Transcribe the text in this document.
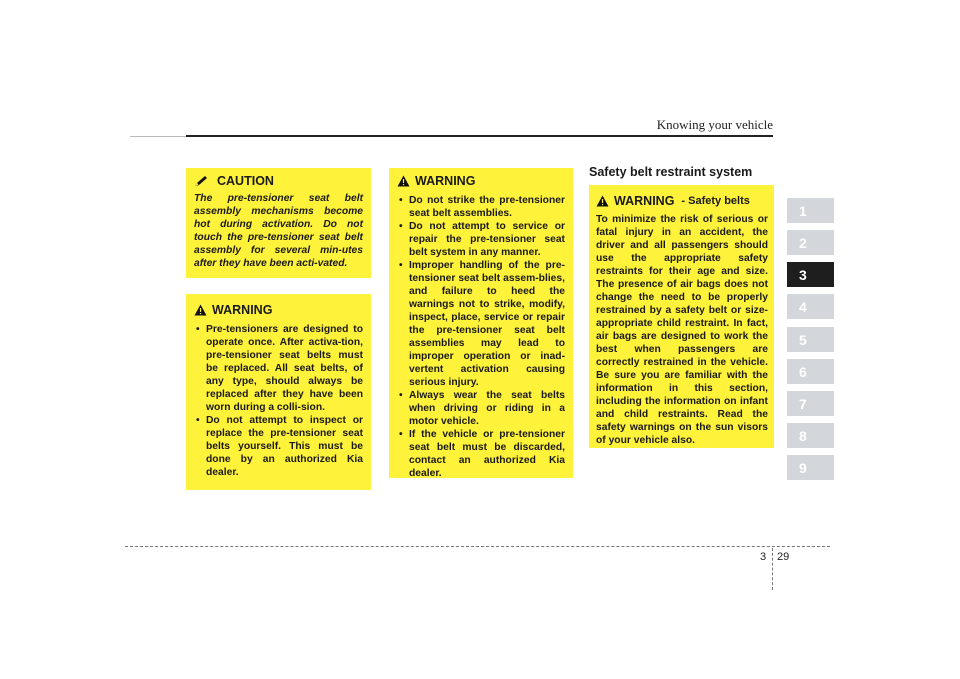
Knowing your vehicle
CAUTION
The pre-tensioner seat belt assembly mechanisms become hot during activation. Do not touch the pre-tensioner seat belt assembly for several min-utes after they have been acti-vated.
WARNING
• Pre-tensioners are designed to operate once. After activa-tion, pre-tensioner seat belts must be replaced. All seat belts, of any type, should always be replaced after they have been worn during a colli-sion.
• Do not attempt to inspect or replace the pre-tensioner seat belts yourself. This must be done by an authorized Kia dealer.
WARNING
• Do not strike the pre-tensioner seat belt assemblies.
• Do not attempt to service or repair the pre-tensioner seat belt system in any manner.
• Improper handling of the pre-tensioner seat belt assem-blies, and failure to heed the warnings not to strike, modify, inspect, place, service or repair the pre-tensioner seat belt assemblies may lead to improper operation or inad-vertent activation causing serious injury.
• Always wear the seat belts when driving or riding in a motor vehicle.
• If the vehicle or pre-tensioner seat belt must be discarded, contact an authorized Kia dealer.
Safety belt restraint system
WARNING - Safety belts
To minimize the risk of serious or fatal injury in an accident, the driver and all passengers should use the appropriate safety restraints for their age and size. The presence of air bags does not change the need to be properly restrained by a safety belt or size-appropriate child restraint. In fact, air bags are designed to work the best when passengers are correctly restrained in the vehicle. Be sure you are familiar with the information in this section, including the information on infant and child restraints. Read the safety warnings on the sun visors of your vehicle also.
1
2
3
4
5
6
7
8
9
3 29
